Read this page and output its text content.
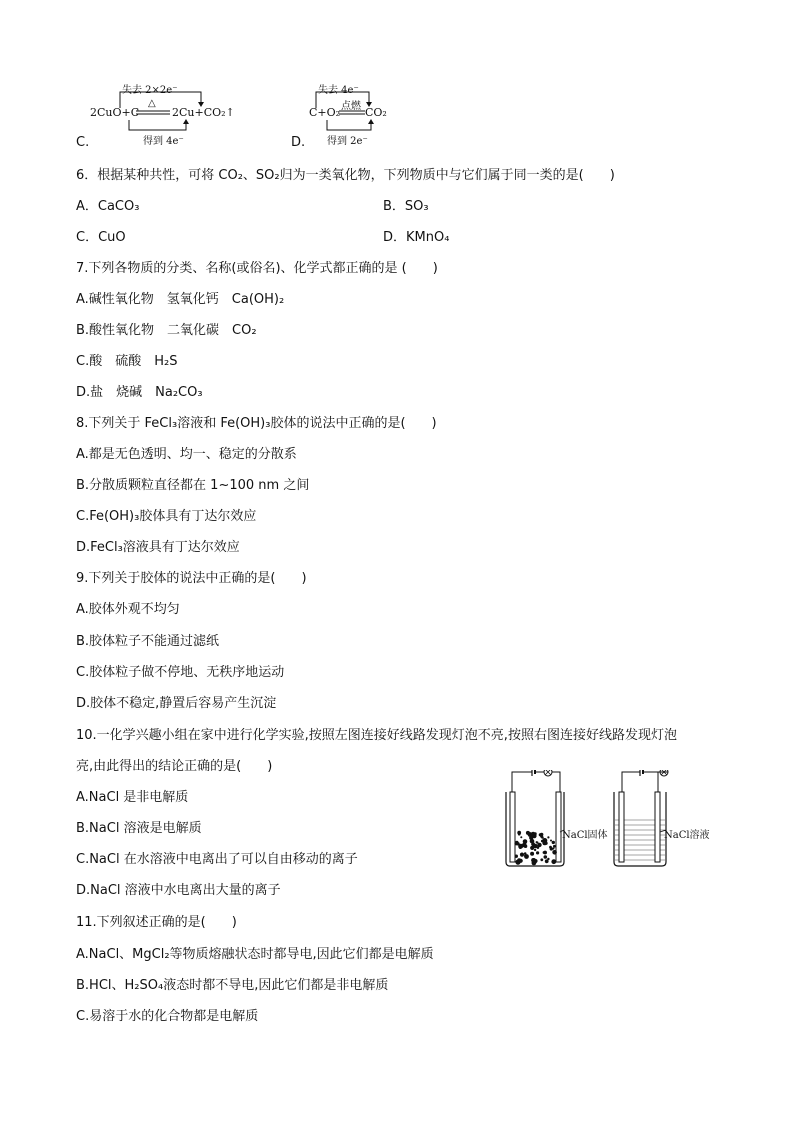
C.
失去 2×2e⁻
2CuO+C
△
2Cu+CO₂↑
得到 4e⁻	D.
失去 4e⁻
C+O₂ 点燃 CO₂
得到 2e⁻
6．根据某种共性，可将 CO₂、SO₂归为一类氧化物，下列物质中与它们属于同一类的是(　　)
A．CaCO₃	B．SO₃
C．CuO	D．KMnO₄
7.下列各物质的分类、名称(或俗名)、化学式都正确的是 (　　)
A.碱性氧化物　氢氧化钙　Ca(OH)₂
B.酸性氧化物　二氧化碳　CO₂
C.酸　硫酸　H₂S
D.盐　烧碱　Na₂CO₃
8.下列关于 FeCl₃溶液和 Fe(OH)₃胶体的说法中正确的是(　　)
A.都是无色透明、均一、稳定的分散系
B.分散质颗粒直径都在 1~100 nm 之间
C.Fe(OH)₃胶体具有丁达尔效应
D.FeCl₃溶液具有丁达尔效应
9.下列关于胶体的说法中正确的是(　　)
A.胶体外观不均匀
B.胶体粒子不能通过滤纸
C.胶体粒子做不停地、无秩序地运动
D.胶体不稳定,静置后容易产生沉淀
10.一化学兴趣小组在家中进行化学实验,按照左图连接好线路发现灯泡不亮,按照右图连接好线路发现灯泡
亮,由此得出的结论正确的是(　　)
A.NaCl 是非电解质
B.NaCl 溶液是电解质
C.NaCl 在水溶液中电离出了可以自由移动的离子
D.NaCl 溶液中水电离出大量的离子
NaCl固体	NaCl溶液
11.下列叙述正确的是(　　)
A.NaCl、MgCl₂等物质熔融状态时都导电,因此它们都是电解质
B.HCl、H₂SO₄液态时都不导电,因此它们都是非电解质
C.易溶于水的化合物都是电解质
